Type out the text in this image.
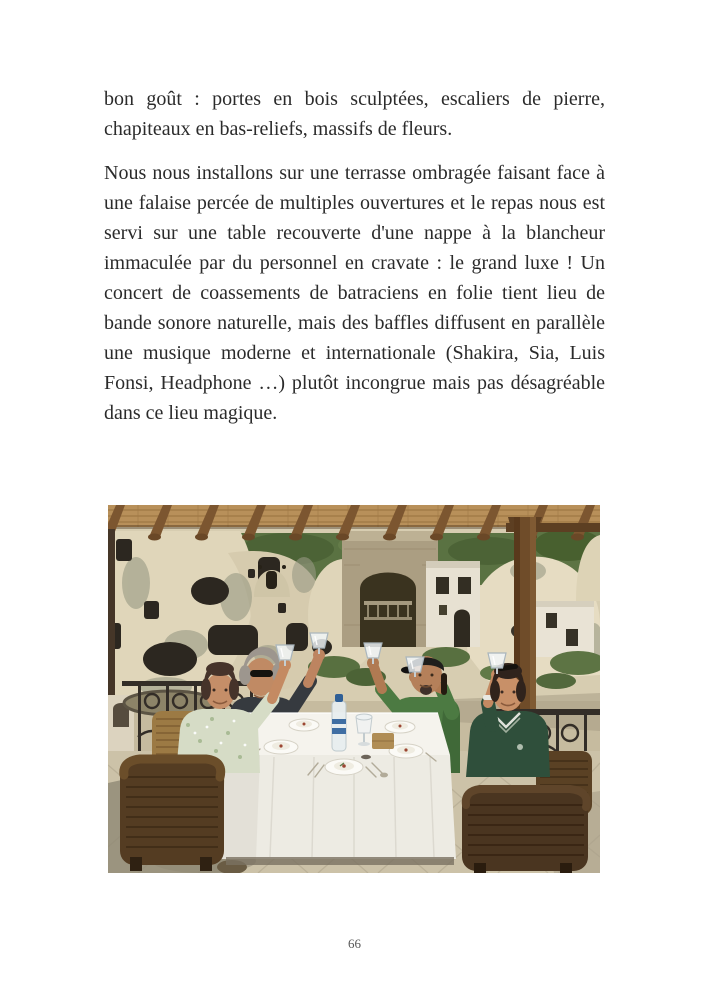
bon goût : portes en bois sculptées, escaliers de pierre, chapiteaux en bas-reliefs, massifs de fleurs.

Nous nous installons sur une terrasse ombragée faisant face à une falaise percée de multiples ouvertures et le repas nous est servi sur une table recouverte d'une nappe à la blancheur immaculée par du personnel en cravate : le grand luxe ! Un concert de coassements de batraciens en folie tient lieu de bande sonore naturelle, mais des baffles diffusent en parallèle une musique moderne et internationale (Shakira, Sia, Luis Fonsi, Headphone …) plutôt incongrue mais pas désagréable dans ce lieu magique.

66
